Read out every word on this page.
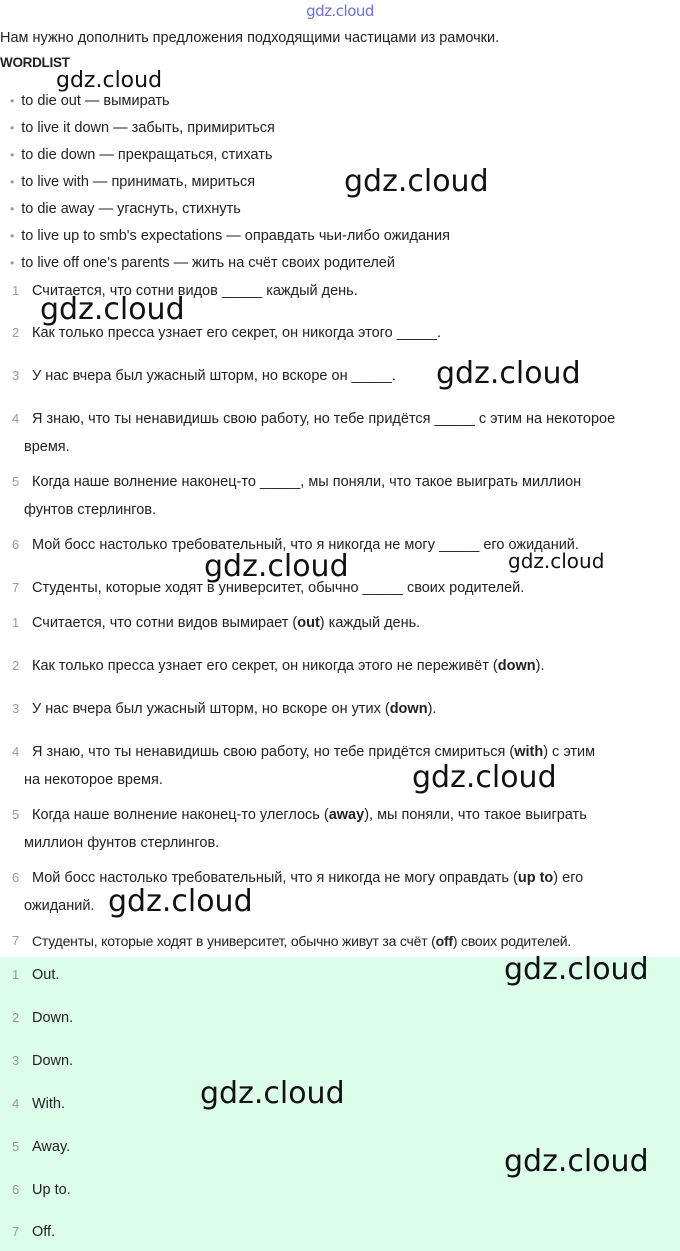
gdz.cloud
Нам нужно дополнить предложения подходящими частицами из рамочки.
WORDLIST
• to die out — вымирать
• to live it down — забыть, примириться
• to die down — прекращаться, стихать
• to live with — принимать, мириться
• to die away — угаснуть, стихнуть
• to live up to smb's expectations — оправдать чьи-либо ожидания
• to live off one's parents — жить на счёт своих родителей
1 Считается, что сотни видов _____ каждый день.
2 Как только пресса узнает его секрет, он никогда этого _____.
3 У нас вчера был ужасный шторм, но вскоре он _____.
4 Я знаю, что ты ненавидишь свою работу, но тебе придётся _____ с этим на некоторое
время.
5 Когда наше волнение наконец-то _____, мы поняли, что такое выиграть миллион
фунтов стерлингов.
6 Мой босс настолько требовательный, что я никогда не могу _____ его ожиданий.
7 Студенты, которые ходят в университет, обычно _____ своих родителей.
1 Считается, что сотни видов вымирает (out) каждый день.
2 Как только пресса узнает его секрет, он никогда этого не переживёт (down).
3 У нас вчера был ужасный шторм, но вскоре он утих (down).
4 Я знаю, что ты ненавидишь свою работу, но тебе придётся смириться (with) с этим
на некоторое время.
5 Когда наше волнение наконец-то улеглось (away), мы поняли, что такое выиграть
миллион фунтов стерлингов.
6 Мой босс настолько требовательный, что я никогда не могу оправдать (up to) его
ожиданий.
7 Студенты, которые ходят в университет, обычно живут за счёт (off) своих родителей.
1 Out.
2 Down.
3 Down.
4 With.
5 Away.
6 Up to.
7 Off.
gdz.cloud
gdz.cloud
gdz.cloud
gdz.cloud
gdz.cloud	gdz.cloud
gdz.cloud
gdz.cloud
gdz.cloud
gdz.cloud
gdz.cloud
